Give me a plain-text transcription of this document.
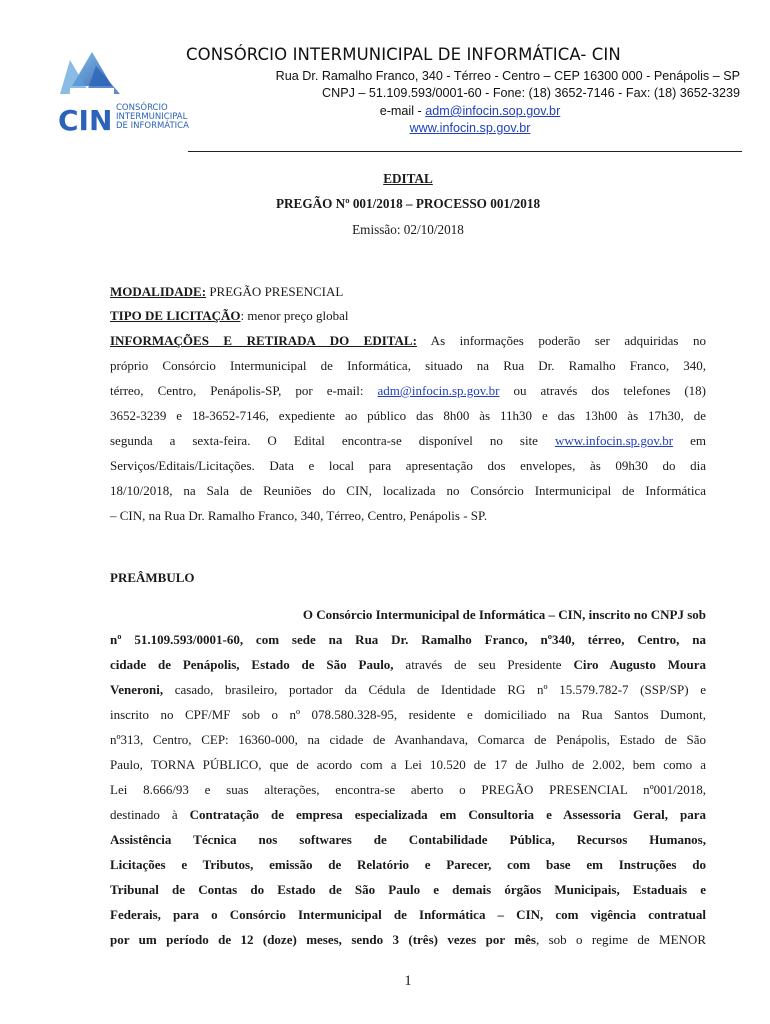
CIN CONSÓRCIO
INTERMUNICIPAL
DE INFORMÁTICA
CONSÓRCIO INTERMUNICIPAL DE INFORMÁTICA- CIN
Rua Dr. Ramalho Franco, 340 - Térreo - Centro – CEP 16300 000 - Penápolis – SP
CNPJ – 51.109.593/0001-60 - Fone: (18) 3652-7146 - Fax: (18) 3652-3239
e-mail - adm@infocin.sop.gov.br
www.infocin.sp.gov.br
EDITAL
PREGÃO Nº 001/2018 – PROCESSO 001/2018
Emissão: 02/10/2018
MODALIDADE: PREGÃO PRESENCIAL
TIPO DE LICITAÇÃO: menor preço global
INFORMAÇÕES E RETIRADA DO EDITAL: As informações poderão ser adquiridas no
próprio Consórcio Intermunicipal de Informática, situado na Rua Dr. Ramalho Franco, 340,
térreo, Centro, Penápolis-SP, por e-mail: adm@infocin.sp.gov.br ou através dos telefones (18)
3652-3239 e 18-3652-7146, expediente ao público das 8h00 às 11h30 e das 13h00 às 17h30, de
segunda a sexta-feira. O Edital encontra-se disponível no site www.infocin.sp.gov.br em
Serviços/Editais/Licitações. Data e local para apresentação dos envelopes, às 09h30 do dia
18/10/2018, na Sala de Reuniões do CIN, localizada no Consórcio Intermunicipal de Informática
– CIN, na Rua Dr. Ramalho Franco, 340, Térreo, Centro, Penápolis - SP.
PREÂMBULO
O Consórcio Intermunicipal de Informática – CIN, inscrito no CNPJ sob
nº 51.109.593/0001-60, com sede na Rua Dr. Ramalho Franco, nº340, térreo, Centro, na
cidade de Penápolis, Estado de São Paulo, através de seu Presidente Ciro Augusto Moura
Veneroni, casado, brasileiro, portador da Cédula de Identidade RG nº 15.579.782-7 (SSP/SP) e
inscrito no CPF/MF sob o nº 078.580.328-95, residente e domiciliado na Rua Santos Dumont,
nº313, Centro, CEP: 16360-000, na cidade de Avanhandava, Comarca de Penápolis, Estado de São
Paulo, TORNA PÚBLICO, que de acordo com a Lei 10.520 de 17 de Julho de 2.002, bem como a
Lei 8.666/93 e suas alterações, encontra-se aberto o PREGÃO PRESENCIAL nº001/2018,
destinado à Contratação de empresa especializada em Consultoria e Assessoria Geral, para
Assistência Técnica nos softwares de Contabilidade Pública, Recursos Humanos,
Licitações e Tributos, emissão de Relatório e Parecer, com base em Instruções do
Tribunal de Contas do Estado de São Paulo e demais órgãos Municipais, Estaduais e
Federais, para o Consórcio Intermunicipal de Informática – CIN, com vigência contratual
por um período de 12 (doze) meses, sendo 3 (três) vezes por mês, sob o regime de MENOR
1
